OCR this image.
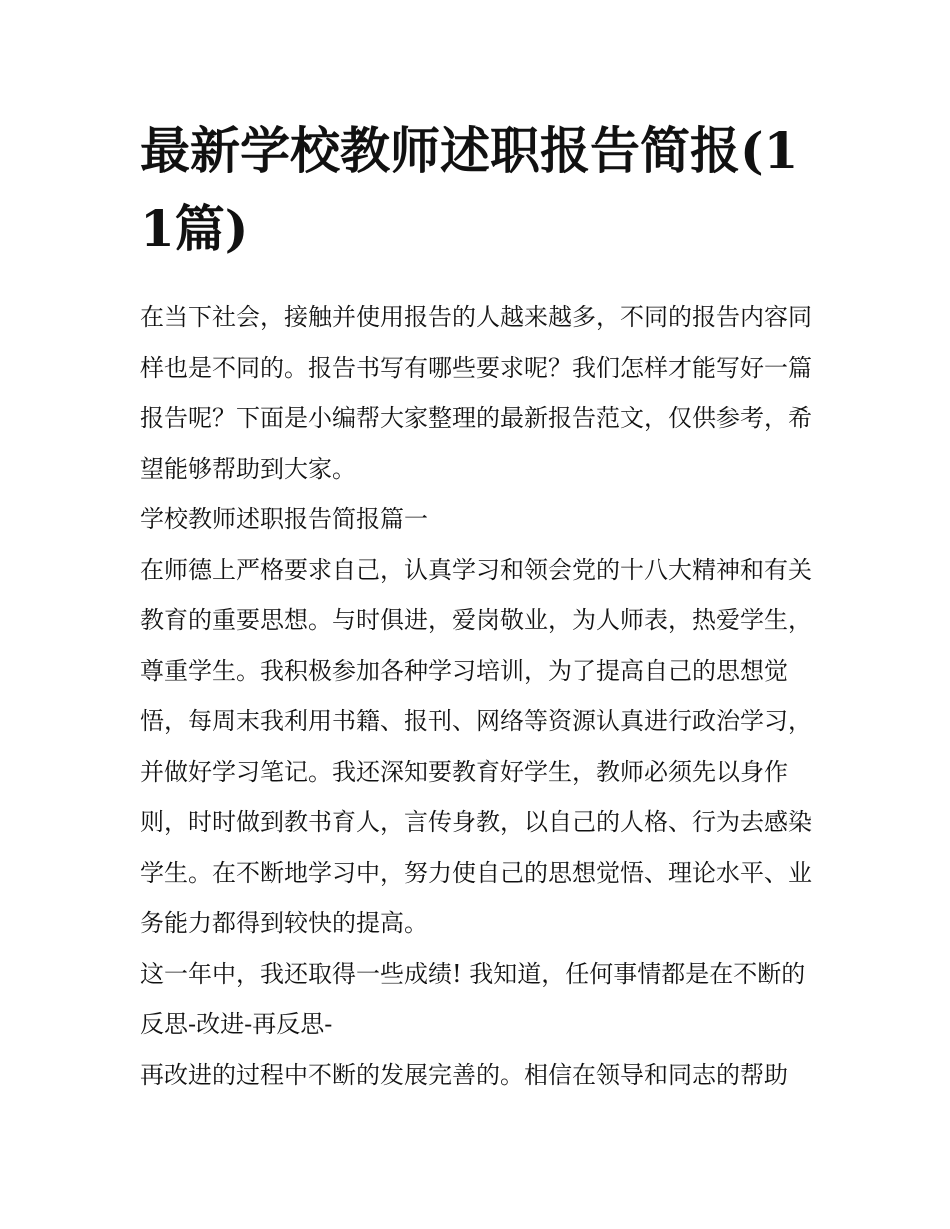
最新学校教师述职报告简报(11篇)

在当下社会，接触并使用报告的人越来越多，不同的报告内容同样也是不同的。报告书写有哪些要求呢？我们怎样才能写好一篇报告呢？下面是小编帮大家整理的最新报告范文，仅供参考，希望能够帮助到大家。

学校教师述职报告简报篇一

在师德上严格要求自己，认真学习和领会党的十八大精神和有关教育的重要思想。与时俱进，爱岗敬业，为人师表，热爱学生，尊重学生。我积极参加各种学习培训，为了提高自己的思想觉悟，每周末我利用书籍、报刊、网络等资源认真进行政治学习，并做好学习笔记。我还深知要教育好学生，教师必须先以身作则，时时做到教书育人，言传身教，以自己的人格、行为去感染学生。在不断地学习中，努力使自己的思想觉悟、理论水平、业务能力都得到较快的提高。

这一年中，我还取得一些成绩! 我知道，任何事情都是在不断的反思-改进-再反思-

再改进的过程中不断的发展完善的。相信在领导和同志的帮助
